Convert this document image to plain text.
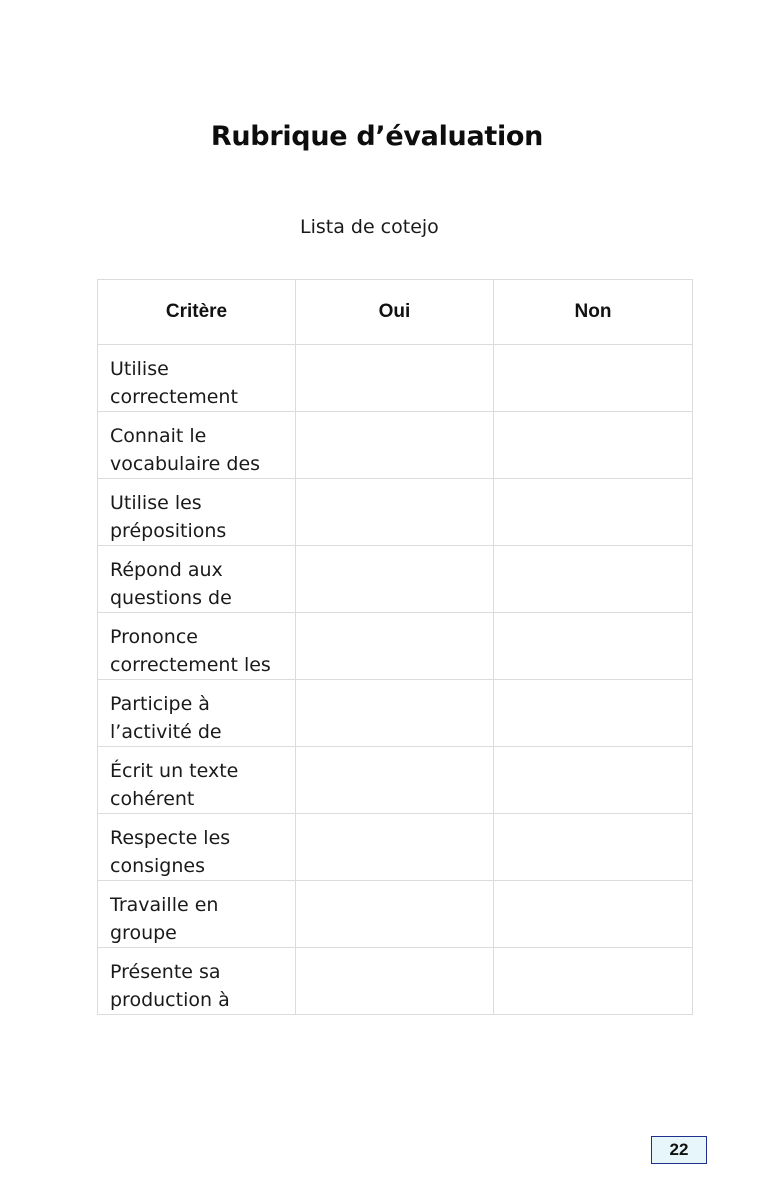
Rubrique d’évaluation

Lista de cotejo

Critère	Oui	Non

Utilise correctement		

Connait le vocabulaire des		

Utilise les prépositions		

Répond aux questions de		

Prononce correctement les		

Participe à l’activité de		

Écrit un texte cohérent		

Respecte les consignes		

Travaille en groupe		

Présente sa production à		

22
